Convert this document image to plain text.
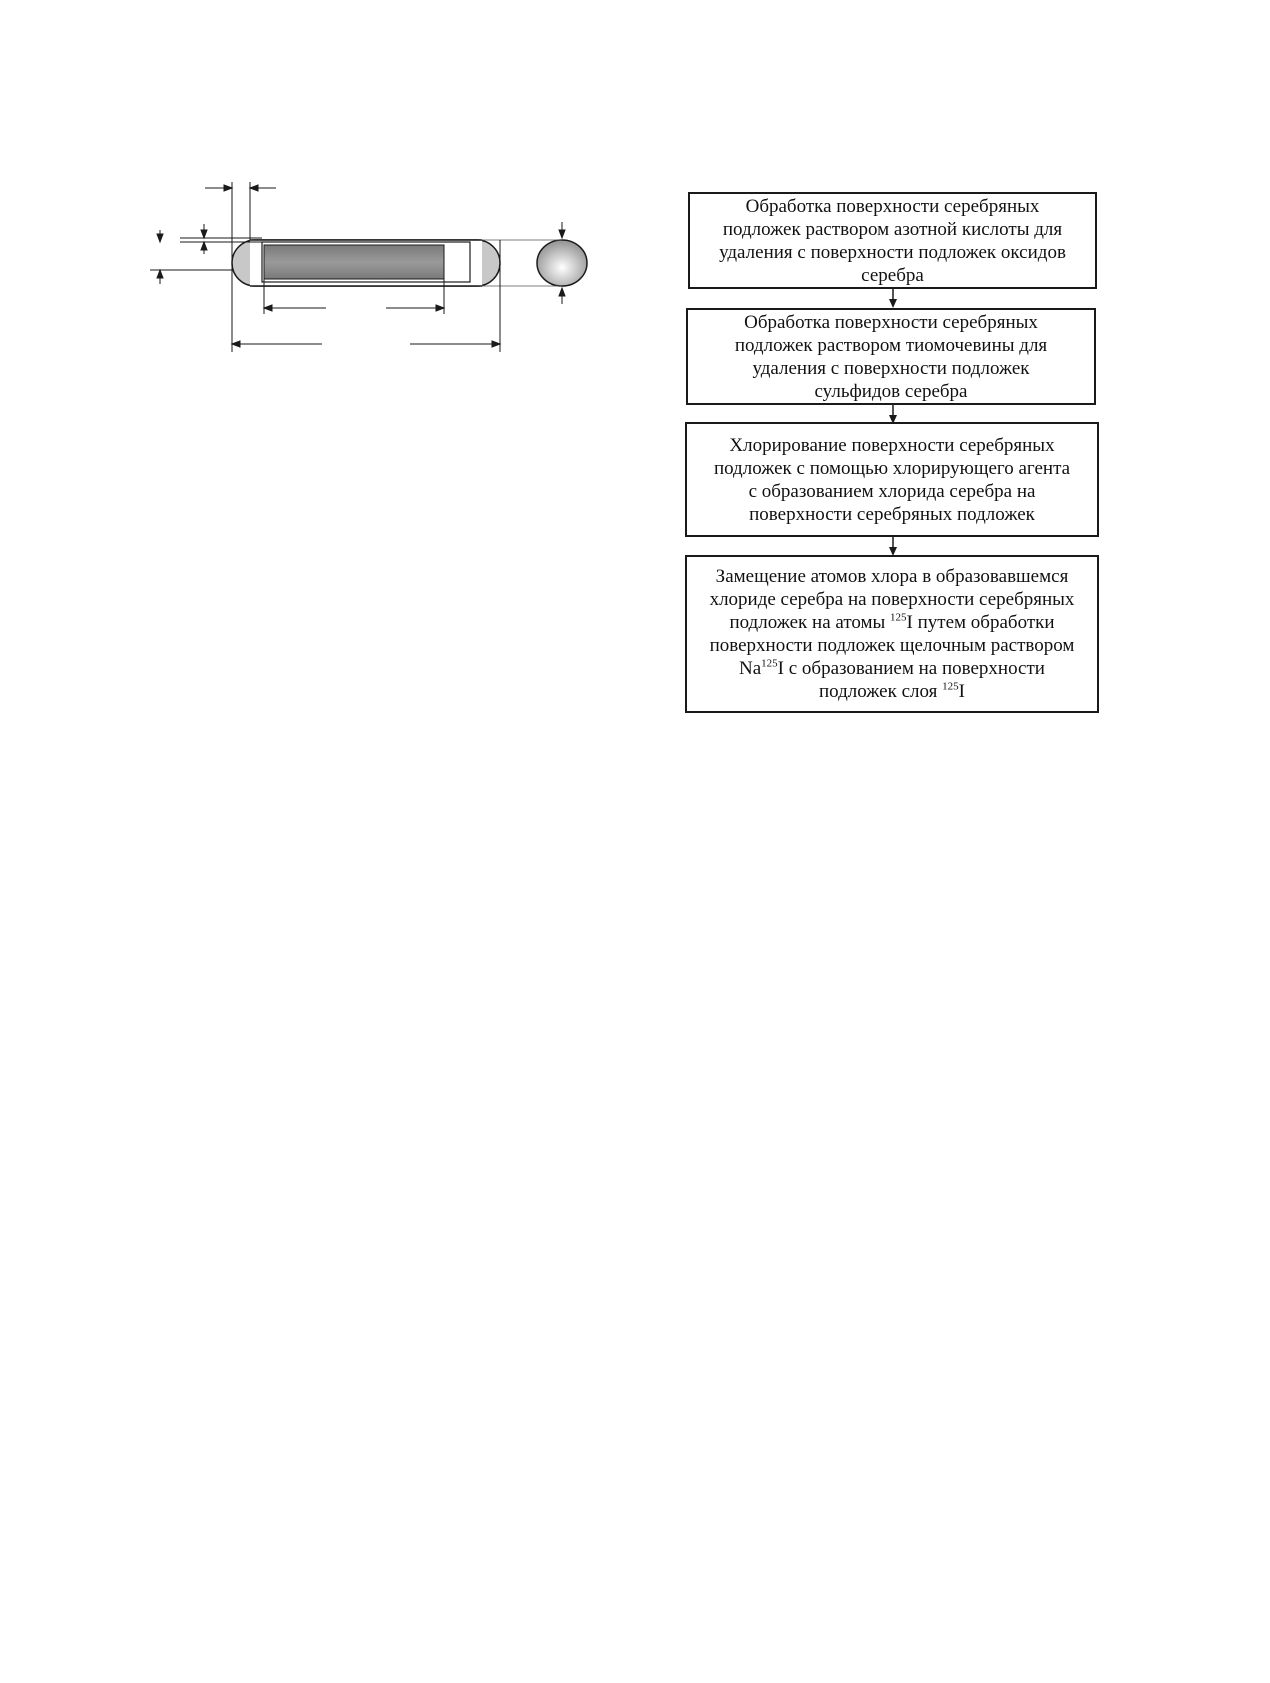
Обработка поверхности серебряных
подложек раствором азотной кислоты для
удаления с поверхности подложек оксидов
серебра
Обработка поверхности серебряных
подложек раствором тиомочевины для
удаления с поверхности подложек
сульфидов серебра
Хлорирование поверхности серебряных
подложек с помощью хлорирующего агента
с образованием хлорида серебра на
поверхности серебряных подложек
Замещение атомов хлора в образовавшемся
хлориде серебра на поверхности серебряных
подложек на атомы $^{125}$I путем обработки
поверхности подложек щелочным раствором
Na$^{125}$I с образованием на поверхности
подложек слоя $^{125}$I
